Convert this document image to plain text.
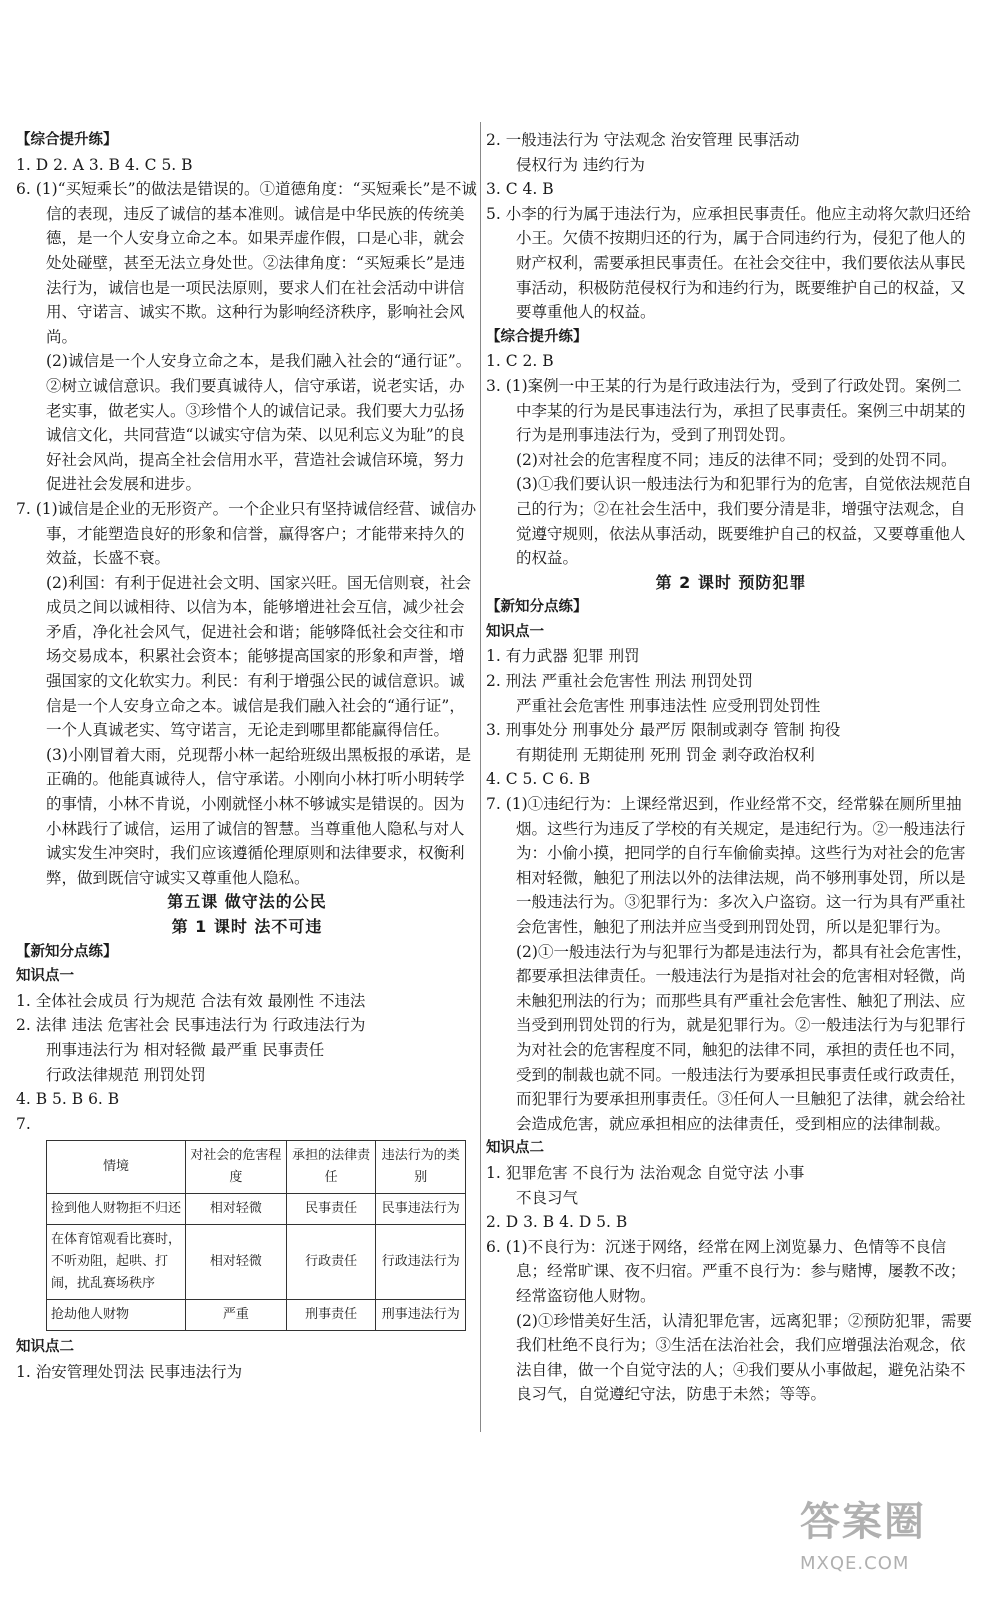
【综合提升练】

1. D 2. A 3. B 4. C 5. B

6. (1)“买短乘长”的做法是错误的。①道德角度：“买短乘长”是不诚信的表现，违反了诚信的基本准则。诚信是中华民族的传统美德，是一个人安身立命之本。如果弄虚作假，口是心非，就会处处碰壁，甚至无法立身处世。②法律角度：“买短乘长”是违法行为，诚信也是一项民法原则，要求人们在社会活动中讲信用、守诺言、诚实不欺。这种行为影响经济秩序，影响社会风尚。

(2)诚信是一个人安身立命之本，是我们融入社会的“通行证”。②树立诚信意识。我们要真诚待人，信守承诺，说老实话，办老实事，做老实人。③珍惜个人的诚信记录。我们要大力弘扬诚信文化，共同营造“以诚实守信为荣、以见利忘义为耻”的良好社会风尚，提高全社会信用水平，营造社会诚信环境，努力促进社会发展和进步。

7. (1)诚信是企业的无形资产。一个企业只有坚持诚信经营、诚信办事，才能塑造良好的形象和信誉，赢得客户；才能带来持久的效益，长盛不衰。

(2)利国：有利于促进社会文明、国家兴旺。国无信则衰，社会成员之间以诚相待、以信为本，能够增进社会互信，减少社会矛盾，净化社会风气，促进社会和谐；能够降低社会交往和市场交易成本，积累社会资本；能够提高国家的形象和声誉，增强国家的文化软实力。利民：有利于增强公民的诚信意识。诚信是一个人安身立命之本。诚信是我们融入社会的“通行证”，一个人真诚老实、笃守诺言，无论走到哪里都能赢得信任。

(3)小刚冒着大雨，兑现帮小林一起给班级出黑板报的承诺，是正确的。他能真诚待人，信守承诺。小刚向小林打听小明转学的事情，小林不肯说，小刚就怪小林不够诚实是错误的。因为小林践行了诚信，运用了诚信的智慧。当尊重他人隐私与对人诚实发生冲突时，我们应该遵循伦理原则和法律要求，权衡利弊，做到既信守诚实又尊重他人隐私。

第五课 做守法的公民

第 1 课时 法不可违

【新知分点练】

知识点一

1. 全体社会成员 行为规范 合法有效 最刚性 不违法

2. 法律 违法 危害社会 民事违法行为 行政违法行为

刑事违法行为 相对轻微 最严重 民事责任

行政法律规范 刑罚处罚

4. B 5. B 6. B

7.

情境	对社会的危害程度	承担的法律责任	违法行为的类别
捡到他人财物拒不归还	相对轻微	民事责任	民事违法行为
在体育馆观看比赛时，不听劝阻，起哄、打闹，扰乱赛场秩序	相对轻微	行政责任	行政违法行为
抢劫他人财物	严重	刑事责任	刑事违法行为

知识点二

1. 治安管理处罚法 民事违法行为

2. 一般违法行为 守法观念 治安管理 民事活动

侵权行为 违约行为

3. C 4. B

5. 小李的行为属于违法行为，应承担民事责任。他应主动将欠款归还给小王。欠债不按期归还的行为，属于合同违约行为，侵犯了他人的财产权利，需要承担民事责任。在社会交往中，我们要依法从事民事活动，积极防范侵权行为和违约行为，既要维护自己的权益，又要尊重他人的权益。

【综合提升练】

1. C 2. B

3. (1)案例一中王某的行为是行政违法行为，受到了行政处罚。案例二中李某的行为是民事违法行为，承担了民事责任。案例三中胡某的行为是刑事违法行为，受到了刑罚处罚。

(2)对社会的危害程度不同；违反的法律不同；受到的处罚不同。

(3)①我们要认识一般违法行为和犯罪行为的危害，自觉依法规范自己的行为；②在社会生活中，我们要分清是非，增强守法观念，自觉遵守规则，依法从事活动，既要维护自己的权益，又要尊重他人的权益。

第 2 课时 预防犯罪

【新知分点练】

知识点一

1. 有力武器 犯罪 刑罚

2. 刑法 严重社会危害性 刑法 刑罚处罚

严重社会危害性 刑事违法性 应受刑罚处罚性

3. 刑事处分 刑事处分 最严厉 限制或剥夺 管制 拘役

有期徒刑 无期徒刑 死刑 罚金 剥夺政治权利

4. C 5. C 6. B

7. (1)①违纪行为：上课经常迟到，作业经常不交，经常躲在厕所里抽烟。这些行为违反了学校的有关规定，是违纪行为。②一般违法行为：小偷小摸，把同学的自行车偷偷卖掉。这些行为对社会的危害相对轻微，触犯了刑法以外的法律法规，尚不够刑事处罚，所以是一般违法行为。③犯罪行为：多次入户盗窃。这一行为具有严重社会危害性，触犯了刑法并应当受到刑罚处罚，所以是犯罪行为。

(2)①一般违法行为与犯罪行为都是违法行为，都具有社会危害性，都要承担法律责任。一般违法行为是指对社会的危害相对轻微，尚未触犯刑法的行为；而那些具有严重社会危害性、触犯了刑法、应当受到刑罚处罚的行为，就是犯罪行为。②一般违法行为与犯罪行为对社会的危害程度不同，触犯的法律不同，承担的责任也不同，受到的制裁也就不同。一般违法行为要承担民事责任或行政责任，而犯罪行为要承担刑事责任。③任何人一旦触犯了法律，就会给社会造成危害，就应承担相应的法律责任，受到相应的法律制裁。

知识点二

1. 犯罪危害 不良行为 法治观念 自觉守法 小事

不良习气

2. D 3. B 4. D 5. B

6. (1)不良行为：沉迷于网络，经常在网上浏览暴力、色情等不良信息；经常旷课、夜不归宿。严重不良行为：参与赌博，屡教不改；经常盗窃他人财物。

(2)①珍惜美好生活，认清犯罪危害，远离犯罪；②预防犯罪，需要我们杜绝不良行为；③生活在法治社会，我们应增强法治观念，依法自律，做一个自觉守法的人；④我们要从小事做起，避免沾染不良习气，自觉遵纪守法，防患于未然；等等。

答案圈
MXQE.COM
